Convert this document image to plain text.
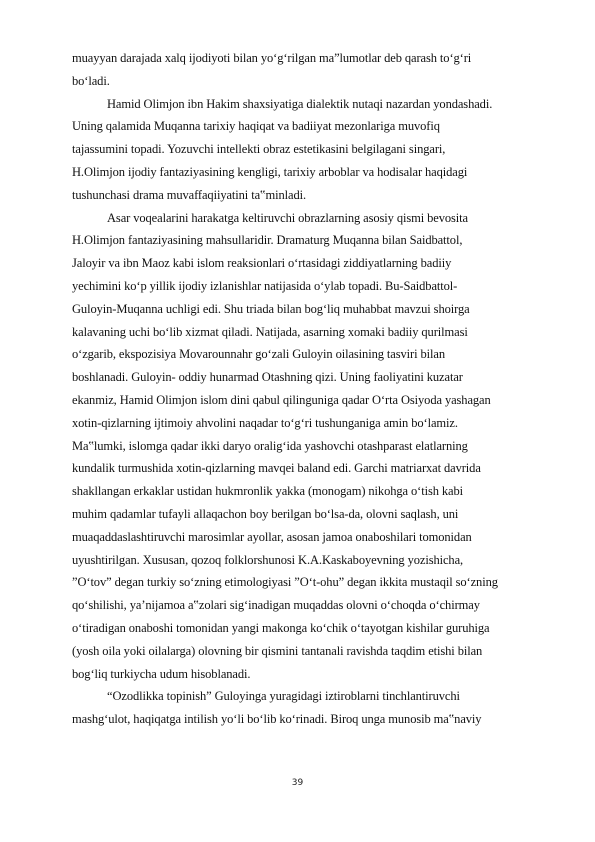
muayyan darajada xalq ijodiyoti bilan yo‘g‘rilgan ma”lumotlar deb qarash to‘g‘ri
bo‘ladi.
Hamid Olimjon ibn Hakim shaxsiyatiga dialektik nutaqi nazardan yondashadi.
Uning qalamida Muqanna tarixiy haqiqat va badiiyat mezonlariga muvofiq
tajassumini topadi. Yozuvchi intellekti obraz estetikasini belgilagani singari,
H.Olimjon ijodiy fantaziyasining kengligi, tarixiy arboblar va hodisalar haqidagi
tushunchasi drama muvaffaqiiyatini ta‟minladi.
Asar voqealarini harakatga keltiruvchi obrazlarning asosiy qismi bevosita
H.Olimjon fantaziyasining mahsullaridir. Dramaturg Muqanna bilan Saidbattol,
Jaloyir va ibn Maoz kabi islom reaksionlari o‘rtasidagi ziddiyatlarning badiiy
yechimini ko‘p yillik ijodiy izlanishlar natijasida o‘ylab topadi. Bu-Saidbattol-
Guloyin-Muqanna uchligi edi. Shu triada bilan bog‘liq muhabbat mavzui shoirga
kalavaning uchi bo‘lib xizmat qiladi. Natijada, asarning xomaki badiiy qurilmasi
o‘zgarib, ekspozisiya Movarounnahr go‘zali Guloyin oilasining tasviri bilan
boshlanadi. Guloyin- oddiy hunarmad Otashning qizi. Uning faoliyatini kuzatar
ekanmiz, Hamid Olimjon islom dini qabul qilinguniga qadar O‘rta Osiyoda yashagan
xotin-qizlarning ijtimoiy ahvolini naqadar to‘g‘ri tushunganiga amin bo‘lamiz.
Ma‟lumki, islomga qadar ikki daryo oralig‘ida yashovchi otashparast elatlarning
kundalik turmushida xotin-qizlarning mavqei baland edi. Garchi matriarxat davrida
shakllangan erkaklar ustidan hukmronlik yakka (monogam) nikohga o‘tish kabi
muhim qadamlar tufayli allaqachon boy berilgan bo‘lsa-da, olovni saqlash, uni
muaqaddaslashtiruvchi marosimlar ayollar, asosan jamoa onaboshilari tomonidan
uyushtirilgan. Xususan, qozoq folklorshunosi K.A.Kaskaboyevning yozishicha,
”O‘tov” degan turkiy so‘zning etimologiyasi ”O‘t-ohu” degan ikkita mustaqil so‘zning
qo‘shilishi, ya’nijamoa a‟zolari sig‘inadigan muqaddas olovni o‘choqda o‘chirmay
o‘tiradigan onaboshi tomonidan yangi makonga ko‘chik o‘tayotgan kishilar guruhiga
(yosh oila yoki oilalarga) olovning bir qismini tantanali ravishda taqdim etishi bilan
bog‘liq turkiycha udum hisoblanadi.
“Ozodlikka topinish” Guloyinga yuragidagi iztiroblarni tinchlantiruvchi
mashg‘ulot, haqiqatga intilish yo‘li bo‘lib ko‘rinadi. Biroq unga munosib ma‟naviy
39
